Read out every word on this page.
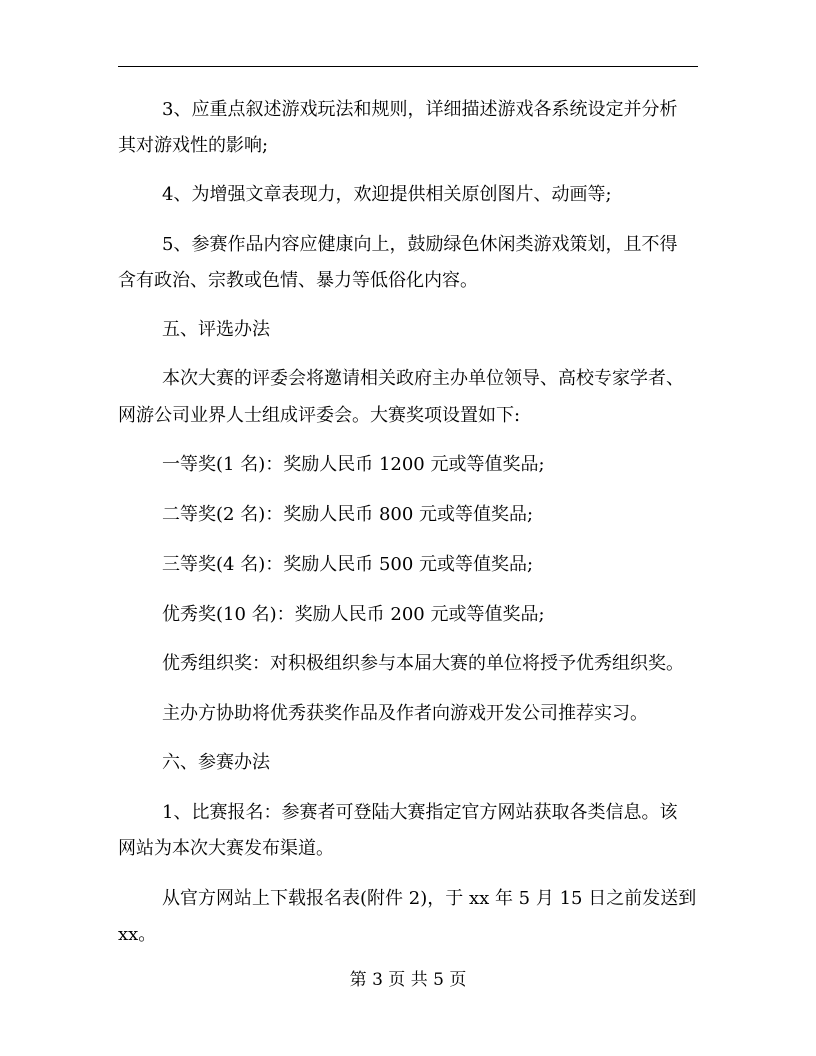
3、应重点叙述游戏玩法和规则，详细描述游戏各系统设定并分析
其对游戏性的影响;
4、为增强文章表现力，欢迎提供相关原创图片、动画等;
5、参赛作品内容应健康向上，鼓励绿色休闲类游戏策划，且不得
含有政治、宗教或色情、暴力等低俗化内容。
五、评选办法
本次大赛的评委会将邀请相关政府主办单位领导、高校专家学者、
网游公司业界人士组成评委会。大赛奖项设置如下:
一等奖(1 名)：奖励人民币 1200 元或等值奖品;
二等奖(2 名)：奖励人民币 800 元或等值奖品;
三等奖(4 名)：奖励人民币 500 元或等值奖品;
优秀奖(10 名)：奖励人民币 200 元或等值奖品;
优秀组织奖：对积极组织参与本届大赛的单位将授予优秀组织奖。
主办方协助将优秀获奖作品及作者向游戏开发公司推荐实习。
六、参赛办法
1、比赛报名：参赛者可登陆大赛指定官方网站获取各类信息。该
网站为本次大赛发布渠道。
从官方网站上下载报名表(附件 2)，于 xx 年 5 月 15 日之前发送到
xx。
第 3 页 共 5 页
